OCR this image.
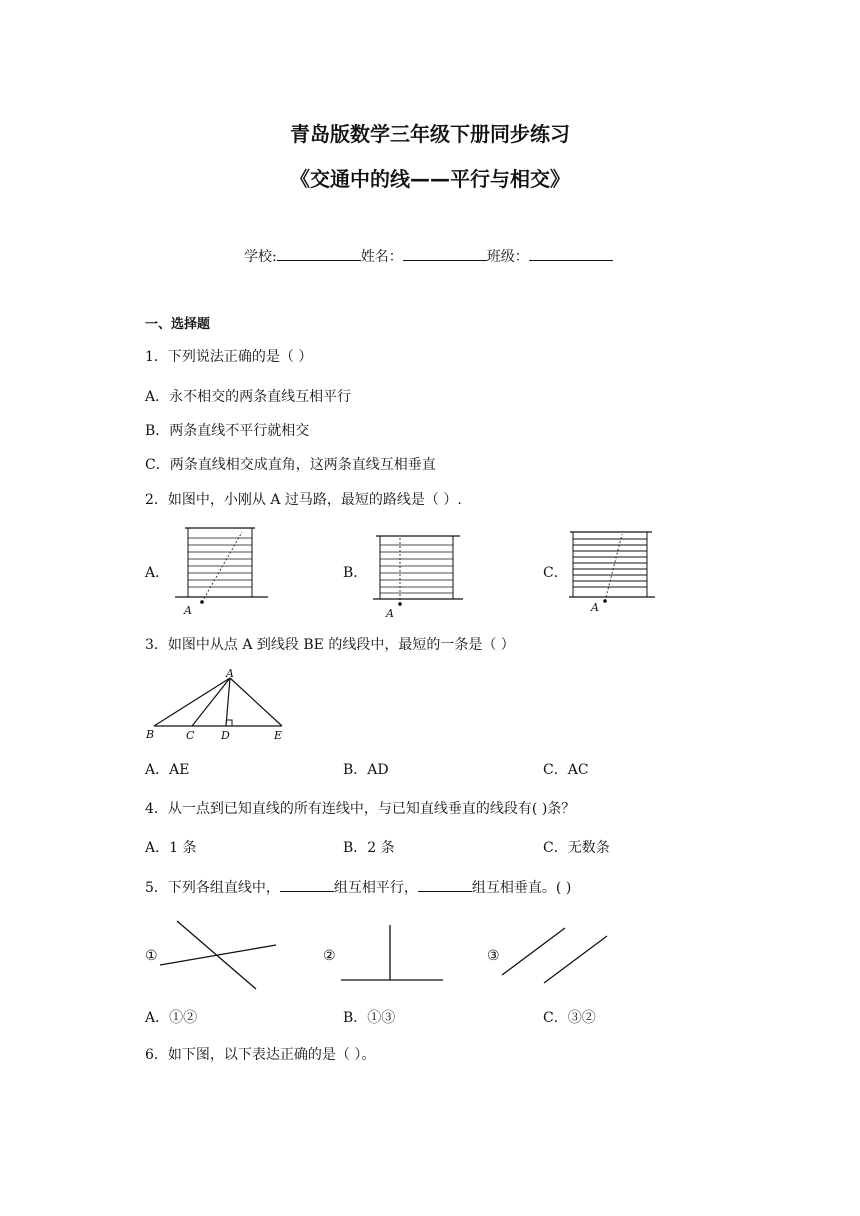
青岛版数学三年级下册同步练习
《交通中的线——平行与相交》
学校:	姓名：	班级：
一、选择题
1．下列说法正确的是（ ）
A．永不相交的两条直线互相平行
B．两条直线不平行就相交
C．两条直线相交成直角，这两条直线互相垂直
2．如图中，小刚从 A 过马路，最短的路线是（ ）.
A．	B．	C．
A	A	A
3．如图中从点 A 到线段 BE 的线段中，最短的一条是（ ）
A
B	C D	E
A．AE	B．AD	C．AC
4．从一点到已知直线的所有连线中，与已知直线垂直的线段有( )条？
A．1 条	B．2 条	C．无数条
5．下列各组直线中，	组互相平行，	组互相垂直。( )
①	②	③
A．①②	B．①③	C．③②
6．如下图，以下表达正确的是（ ）。
